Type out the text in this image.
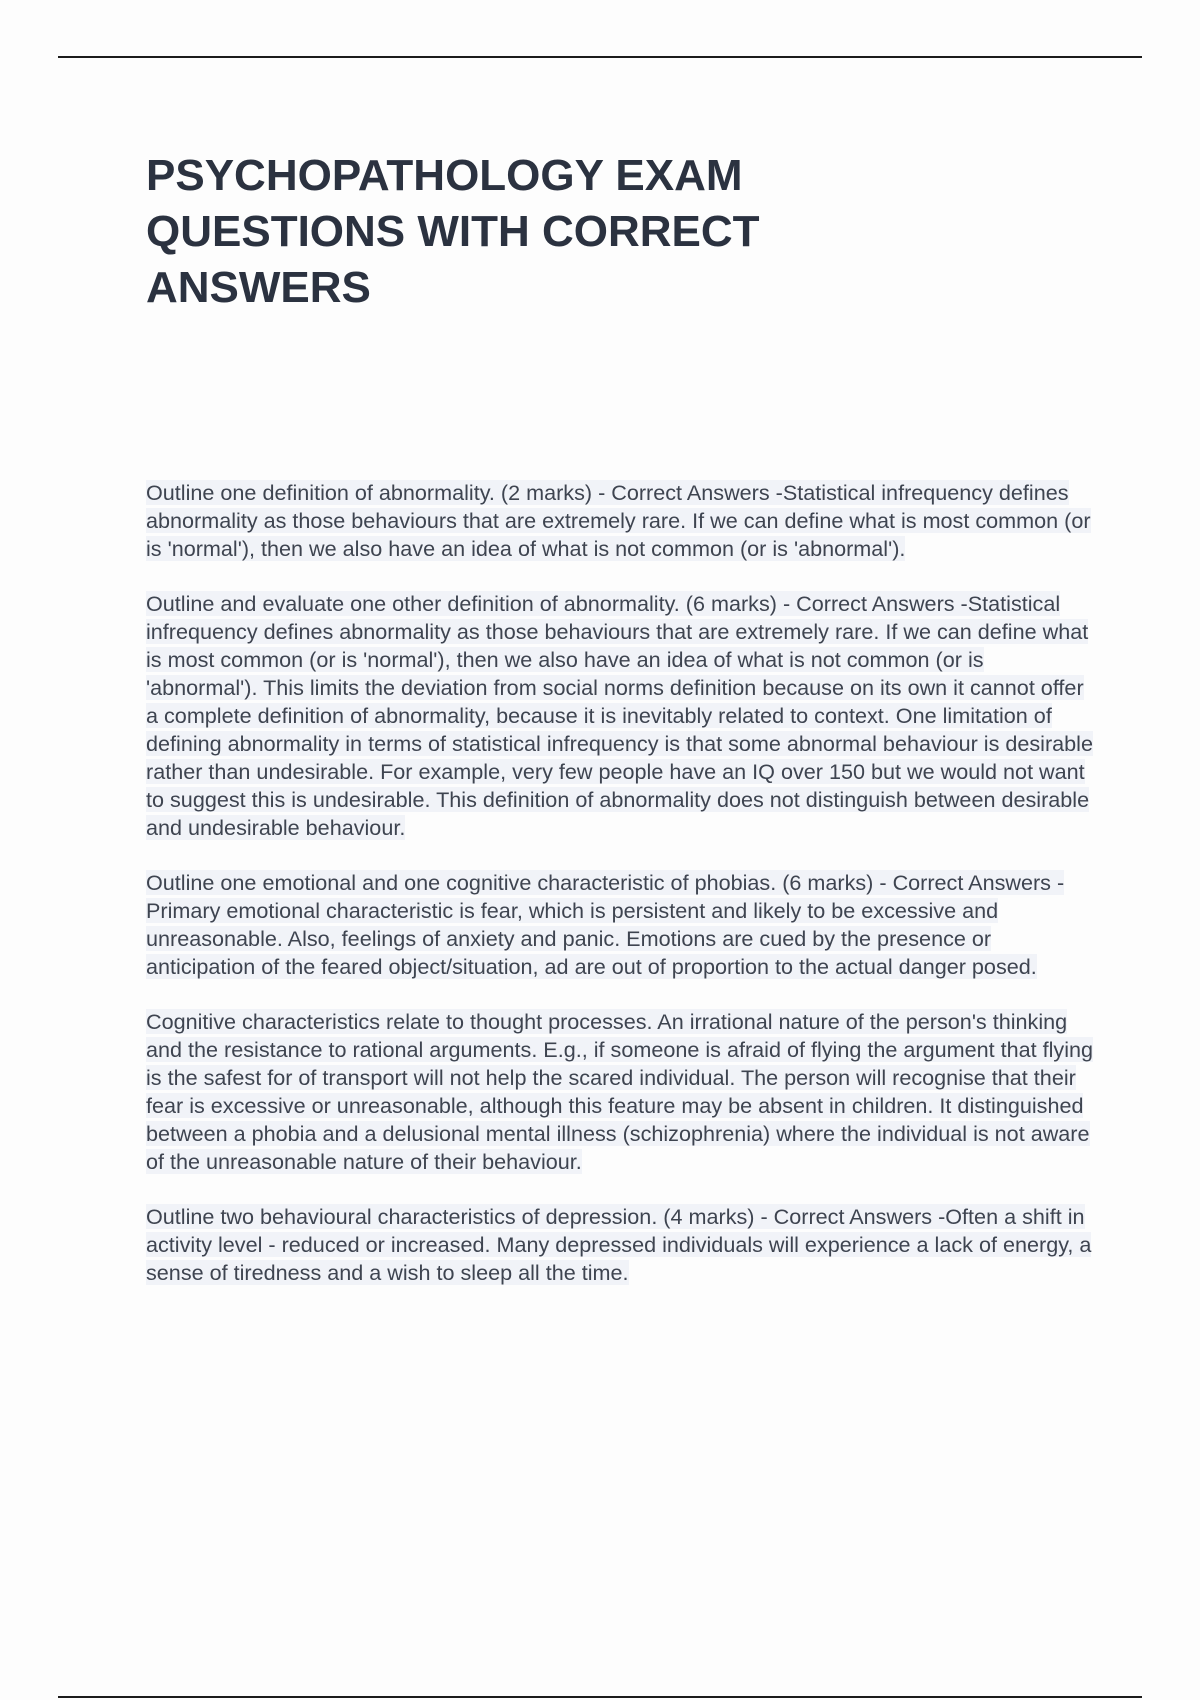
PSYCHOPATHOLOGY EXAM QUESTIONS WITH CORRECT ANSWERS

Outline one definition of abnormality. (2 marks) - Correct Answers -Statistical infrequency defines abnormality as those behaviours that are extremely rare. If we can define what is most common (or is 'normal'), then we also have an idea of what is not common (or is 'abnormal').

Outline and evaluate one other definition of abnormality. (6 marks) - Correct Answers -Statistical infrequency defines abnormality as those behaviours that are extremely rare. If we can define what is most common (or is 'normal'), then we also have an idea of what is not common (or is 'abnormal'). This limits the deviation from social norms definition because on its own it cannot offer a complete definition of abnormality, because it is inevitably related to context. One limitation of defining abnormality in terms of statistical infrequency is that some abnormal behaviour is desirable rather than undesirable. For example, very few people have an IQ over 150 but we would not want to suggest this is undesirable. This definition of abnormality does not distinguish between desirable and undesirable behaviour.

Outline one emotional and one cognitive characteristic of phobias. (6 marks) - Correct Answers -Primary emotional characteristic is fear, which is persistent and likely to be excessive and unreasonable. Also, feelings of anxiety and panic. Emotions are cued by the presence or anticipation of the feared object/situation, ad are out of proportion to the actual danger posed.

Cognitive characteristics relate to thought processes. An irrational nature of the person's thinking and the resistance to rational arguments. E.g., if someone is afraid of flying the argument that flying is the safest for of transport will not help the scared individual. The person will recognise that their fear is excessive or unreasonable, although this feature may be absent in children. It distinguished between a phobia and a delusional mental illness (schizophrenia) where the individual is not aware of the unreasonable nature of their behaviour.

Outline two behavioural characteristics of depression. (4 marks) - Correct Answers -Often a shift in activity level - reduced or increased. Many depressed individuals will experience a lack of energy, a sense of tiredness and a wish to sleep all the time.
